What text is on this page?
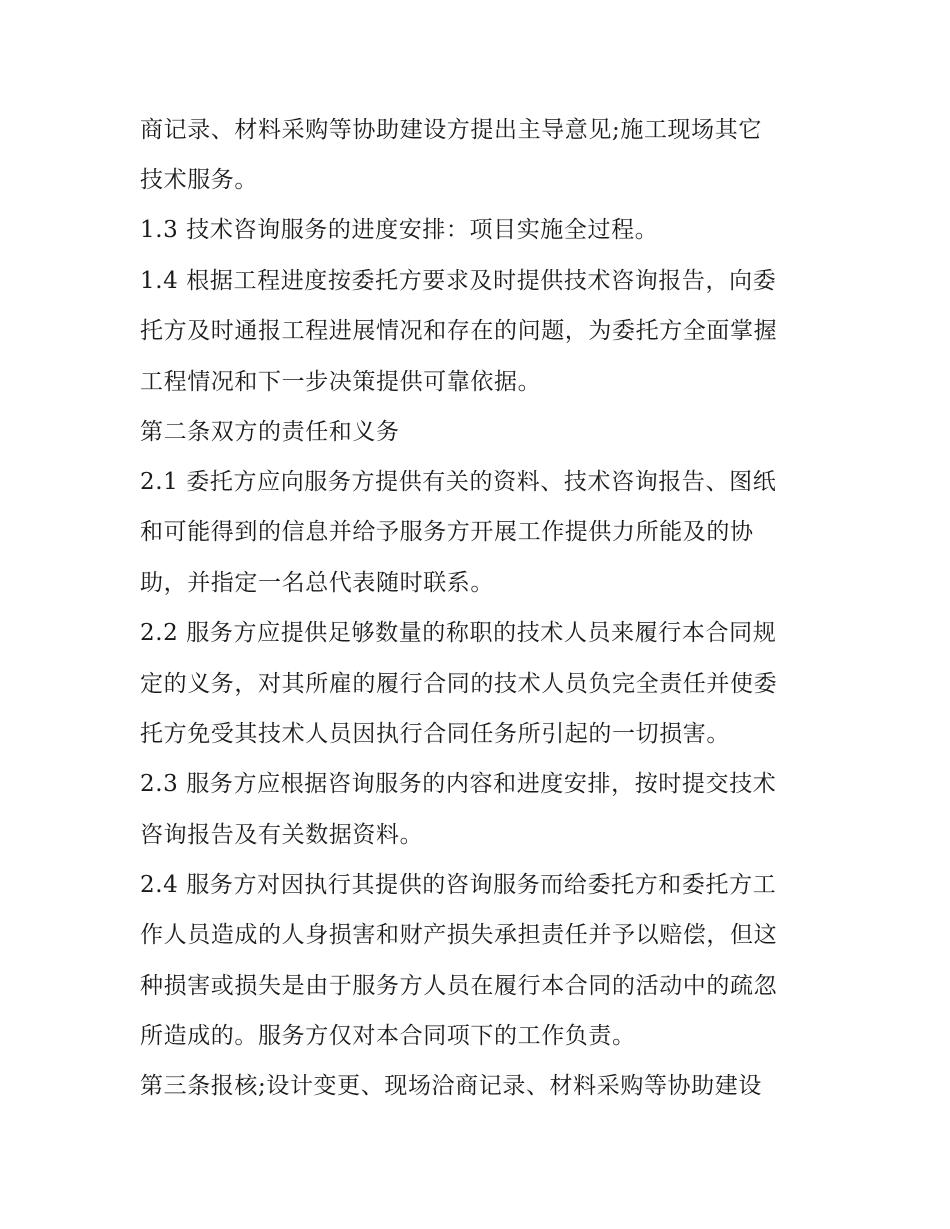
商记录、材料采购等协助建设方提出主导意见;施工现场其它
技术服务。
1.3 技术咨询服务的进度安排：项目实施全过程。
1.4 根据工程进度按委托方要求及时提供技术咨询报告，向委
托方及时通报工程进展情况和存在的问题，为委托方全面掌握
工程情况和下一步决策提供可靠依据。
第二条双方的责任和义务
2.1 委托方应向服务方提供有关的资料、技术咨询报告、图纸
和可能得到的信息并给予服务方开展工作提供力所能及的协
助，并指定一名总代表随时联系。
2.2 服务方应提供足够数量的称职的技术人员来履行本合同规
定的义务，对其所雇的履行合同的技术人员负完全责任并使委
托方免受其技术人员因执行合同任务所引起的一切损害。
2.3 服务方应根据咨询服务的内容和进度安排，按时提交技术
咨询报告及有关数据资料。
2.4 服务方对因执行其提供的咨询服务而给委托方和委托方工
作人员造成的人身损害和财产损失承担责任并予以赔偿，但这
种损害或损失是由于服务方人员在履行本合同的活动中的疏忽
所造成的。服务方仅对本合同项下的工作负责。
第三条报核;设计变更、现场洽商记录、材料采购等协助建设
